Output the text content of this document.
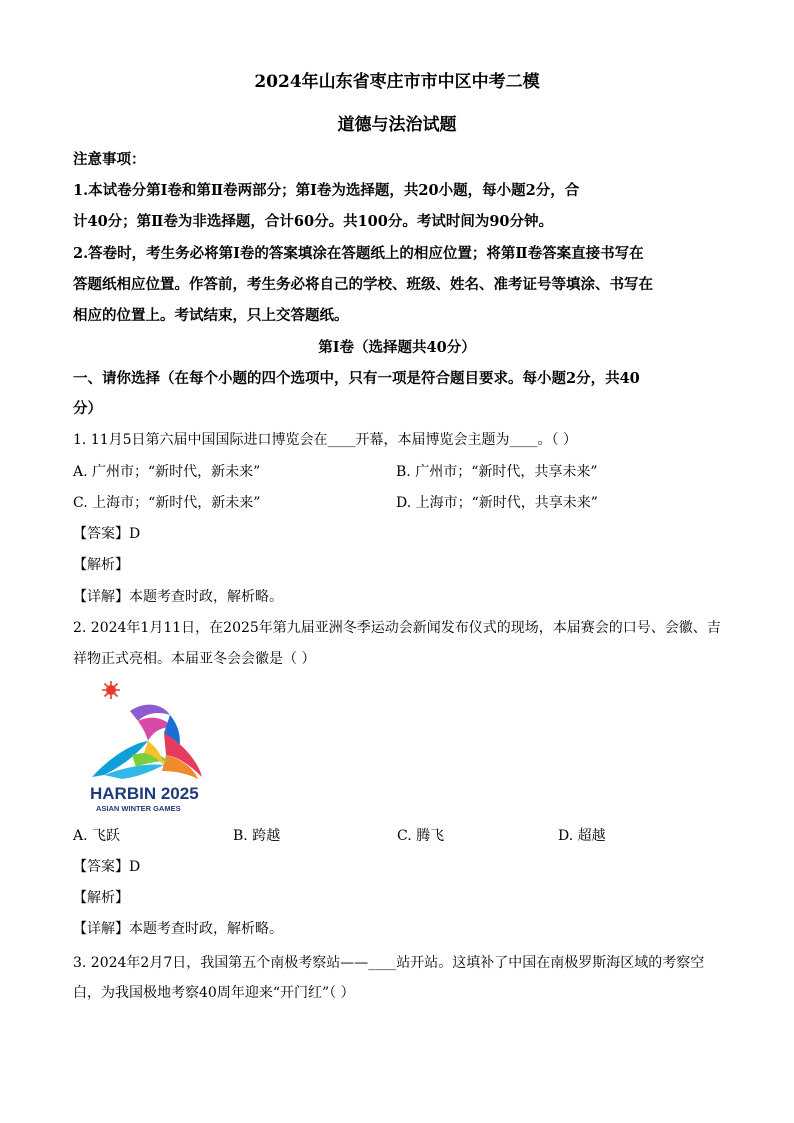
2024年山东省枣庄市市中区中考二模
道德与法治试题
注意事项：
1.本试卷分第Ⅰ卷和第Ⅱ卷两部分；第Ⅰ卷为选择题，共20小题，每小题2分，合
计40分；第Ⅱ卷为非选择题，合计60分。共100分。考试时间为90分钟。
2.答卷时，考生务必将第Ⅰ卷的答案填涂在答题纸上的相应位置；将第Ⅱ卷答案直接书写在
答题纸相应位置。作答前，考生务必将自己的学校、班级、姓名、准考证号等填涂、书写在
相应的位置上。考试结束，只上交答题纸。
第Ⅰ卷（选择题共40分）
一、请你选择（在每个小题的四个选项中，只有一项是符合题目要求。每小题2分，共40
分）
1. 11月5日第六届中国国际进口博览会在____开幕，本届博览会主题为____。（ ）
A. 广州市；“新时代，新未来”	B. 广州市；“新时代，共享未来”
C. 上海市；“新时代，新未来”	D. 上海市；“新时代，共享未来”
【答案】D
【解析】
【详解】本题考查时政，解析略。
2. 2024年1月11日，在2025年第九届亚洲冬季运动会新闻发布仪式的现场，本届赛会的口号、会徽、吉
祥物正式亮相。本届亚冬会会徽是（ ）
HARBIN 2025
ASIAN WINTER GAMES
A. 飞跃	B. 跨越	C. 腾飞	D. 超越
【答案】D
【解析】
【详解】本题考查时政，解析略。
3. 2024年2月7日，我国第五个南极考察站——____站开站。这填补了中国在南极罗斯海区域的考察空
白，为我国极地考察40周年迎来“开门红”（ ）
